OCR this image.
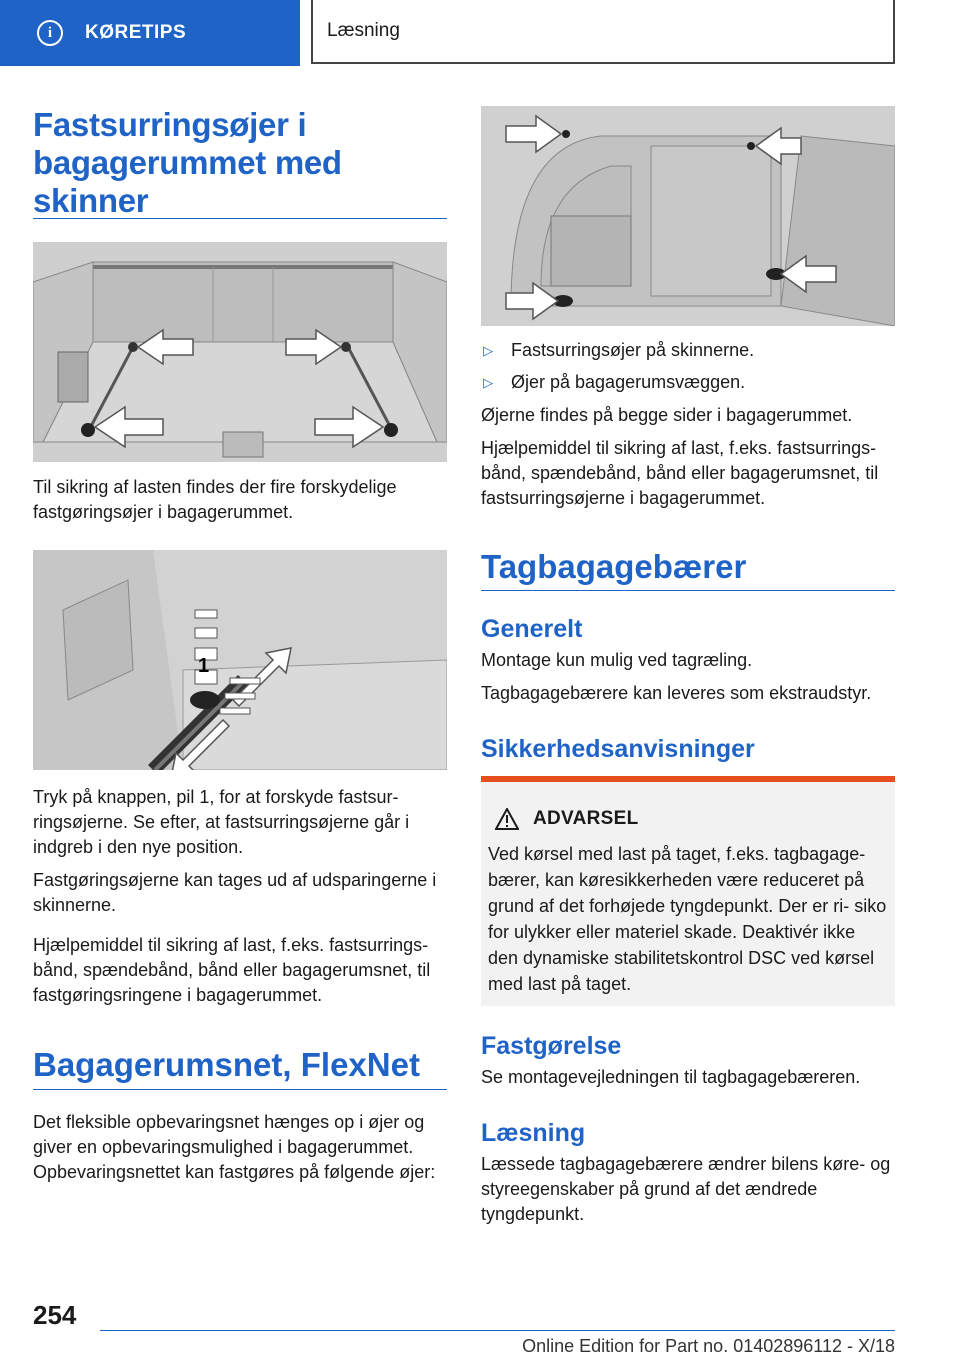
i	KØRETIPS	Læsning
Fastsurringsøjer i bagagerummet med skinner

Til sikring af lasten findes der fire forskydelige fastgøringsøjer i bagagerummet.

1

Tryk på knappen, pil 1, for at forskyde fastsur‐ ringsøjerne. Se efter, at fastsurringsøjerne går i indgreb i den nye position.

Fastgøringsøjerne kan tages ud af udsparingerne i skinnerne.

Hjælpemiddel til sikring af last, f.eks. fastsurrings‐ bånd, spændebånd, bånd eller bagagerumsnet, til fastgøringsringene i bagagerummet.

Bagagerumsnet, FlexNet

Det fleksible opbevaringsnet hænges op i øjer og giver en opbevaringsmulighed i bagagerummet. Opbevaringsnettet kan fastgøres på følgende øjer:

▷	Fastsurringsøjer på skinnerne.
▷	Øjer på bagagerumsvæggen.

Øjerne findes på begge sider i bagagerummet.

Hjælpemiddel til sikring af last, f.eks. fastsurrings‐ bånd, spændebånd, bånd eller bagagerumsnet, til fastsurringsøjerne i bagagerummet.

Tagbagagebærer
Generelt

Montage kun mulig ved tagræling.

Tagbagagebærere kan leveres som ekstraudstyr.

Sikkerhedsanvisninger
ADVARSEL
Ved kørsel med last på taget, f.eks. tagbagage‐ bærer, kan køresikkerheden være reduceret på grund af det forhøjede tyngdepunkt. Der er ri‐ siko for ulykker eller materiel skade. Deaktivér ikke den dynamiske stabilitetskontrol DSC ved kørsel med last på taget.
Fastgørelse

Se montagevejledningen til tagbagagebæreren.

Læsning

Læssede tagbagagebærere ændrer bilens køre‐ og styreegenskaber på grund af det ændrede tyngdepunkt.

254
Online Edition for Part no. 01402896112 - X/18
